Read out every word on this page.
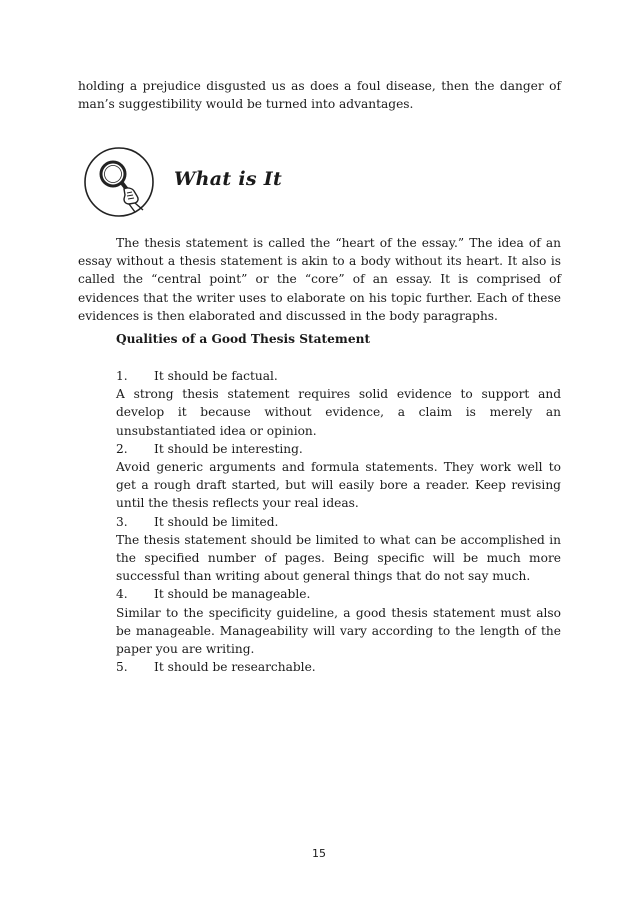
holding a prejudice disgusted us as does a foul disease, then the danger of man’s suggestibility would be turned into advantages.

What is It

The thesis statement is called the “heart of the essay.” The idea of an essay without a thesis statement is akin to a body without its heart. It also is called the “central point” or the “core” of an essay. It is comprised of evidences that the writer uses to elaborate on his topic further. Each of these evidences is then elaborated and discussed in the body paragraphs.

Qualities of a Good Thesis Statement

1.	It should be factual.

A strong thesis statement requires solid evidence to support and develop it because without evidence, a claim is merely an unsubstantiated idea or opinion.

2.	It should be interesting.

Avoid generic arguments and formula statements. They work well to get a rough draft started, but will easily bore a reader. Keep revising until the thesis reflects your real ideas.

3.	It should be limited.

The thesis statement should be limited to what can be accomplished in the specified number of pages. Being specific will be much more successful than writing about general things that do not say much.

4.	It should be manageable.

Similar to the specificity guideline, a good thesis statement must also be manageable. Manageability will vary according to the length of the paper you are writing.

5.	It should be researchable.
15
